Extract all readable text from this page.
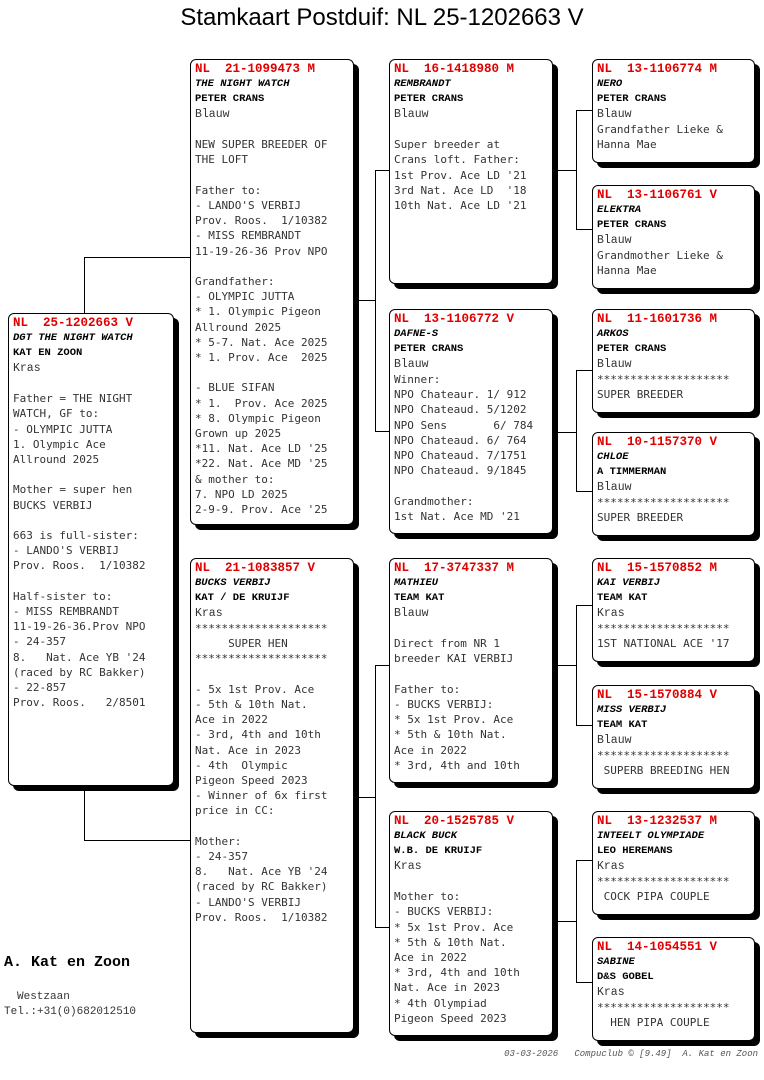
Stamkaart Postduif: NL 25-1202663 V
NL  25-1202663 V
DGT THE NIGHT WATCH
KAT EN ZOON
Kras

Father = THE NIGHT
WATCH, GF to:
- OLYMPIC JUTTA
1. Olympic Ace
Allround 2025

Mother = super hen
BUCKS VERBIJ

663 is full-sister:
- LANDO'S VERBIJ
Prov. Roos.  1/10382

Half-sister to:
- MISS REMBRANDT
11-19-26-36.Prov NPO
- 24-357
8.   Nat. Ace YB '24
(raced by RC Bakker)
- 22-857
Prov. Roos.   2/8501
NL  21-1099473 M
THE NIGHT WATCH
PETER CRANS
Blauw

NEW SUPER BREEDER OF
THE LOFT

Father to:
- LANDO'S VERBIJ
Prov. Roos.  1/10382
- MISS REMBRANDT
11-19-26-36 Prov NPO

Grandfather:
- OLYMPIC JUTTA
* 1. Olympic Pigeon
Allround 2025
* 5-7. Nat. Ace 2025
* 1. Prov. Ace  2025

- BLUE SIFAN
* 1.  Prov. Ace 2025
* 8. Olympic Pigeon
Grown up 2025
*11. Nat. Ace LD '25
*22. Nat. Ace MD '25
& mother to:
7. NPO LD 2025
2-9-9. Prov. Ace '25
NL  21-1083857 V
BUCKS VERBIJ
KAT / DE KRUIJF
Kras
********************
SUPER HEN
********************

- 5x 1st Prov. Ace
- 5th & 10th Nat.
Ace in 2022
- 3rd, 4th and 10th
Nat. Ace in 2023
- 4th  Olympic
Pigeon Speed 2023
- Winner of 6x first
price in CC:

Mother:
- 24-357
8.   Nat. Ace YB '24
(raced by RC Bakker)
- LANDO'S VERBIJ
Prov. Roos.  1/10382
NL  16-1418980 M
REMBRANDT
PETER CRANS
Blauw

Super breeder at
Crans loft. Father:
1st Prov. Ace LD '21
3rd Nat. Ace LD  '18
10th Nat. Ace LD '21
NL  13-1106772 V
DAFNE-S
PETER CRANS
Blauw
Winner:
NPO Chateaur. 1/ 912
NPO Chateaud. 5/1202
NPO Sens       6/ 784
NPO Chateaud. 6/ 764
NPO Chateaud. 7/1751
NPO Chateaud. 9/1845

Grandmother:
1st Nat. Ace MD '21
NL  17-3747337 M
MATHIEU
TEAM KAT
Blauw

Direct from NR 1
breeder KAI VERBIJ

Father to:
- BUCKS VERBIJ:
* 5x 1st Prov. Ace
* 5th & 10th Nat.
Ace in 2022
* 3rd, 4th and 10th
NL  20-1525785 V
BLACK BUCK
W.B. DE KRUIJF
Kras

Mother to:
- BUCKS VERBIJ:
* 5x 1st Prov. Ace
* 5th & 10th Nat.
Ace in 2022
* 3rd, 4th and 10th
Nat. Ace in 2023
* 4th Olympiad
Pigeon Speed 2023
NL  13-1106774 M
NERO
PETER CRANS
Blauw
Grandfather Lieke &
Hanna Mae
NL  13-1106761 V
ELEKTRA
PETER CRANS
Blauw
Grandmother Lieke &
Hanna Mae
NL  11-1601736 M
ARKOS
PETER CRANS
Blauw
********************
SUPER BREEDER
NL  10-1157370 V
CHLOE
A TIMMERMAN
Blauw
********************
SUPER BREEDER
NL  15-1570852 M
KAI VERBIJ
TEAM KAT
Kras
********************
1ST NATIONAL ACE '17
NL  15-1570884 V
MISS VERBIJ
TEAM KAT
Blauw
********************
SUPERB BREEDING HEN
NL  13-1232537 M
INTEELT OLYMPIADE
LEO HEREMANS
Kras
********************
COCK PIPA COUPLE
NL  14-1054551 V
SABINE
D&S GOBEL
Kras
********************
HEN PIPA COUPLE
A. Kat en Zoon
Westzaan
Tel.:+31(0)682012510
03-03-2026   Compuclub © [9.49]  A. Kat en Zoon
